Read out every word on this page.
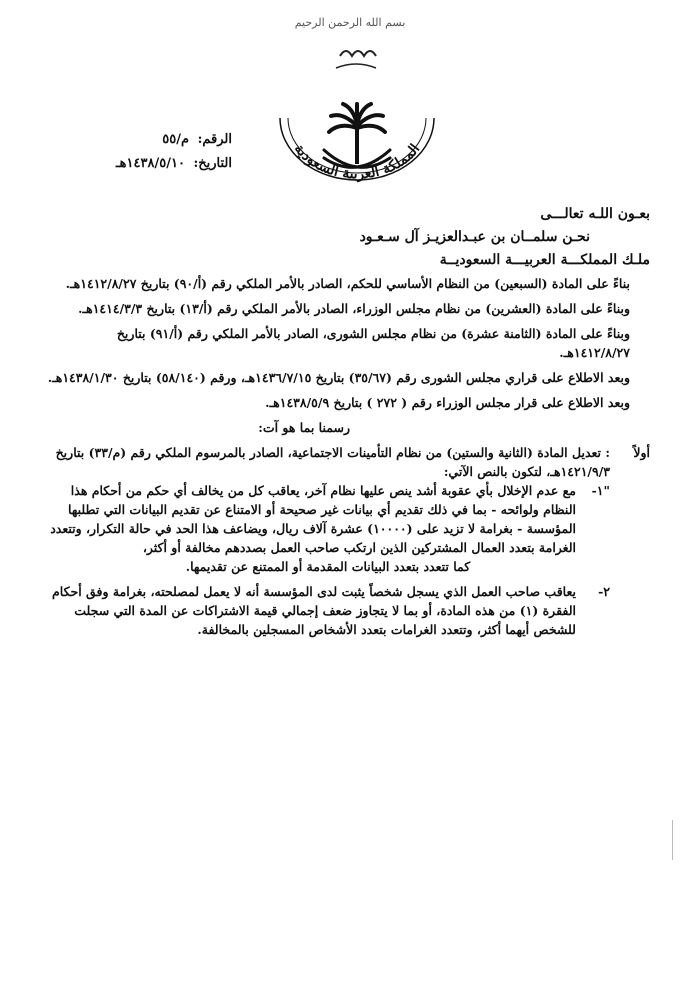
بسم الله الرحمن الرحيم
المملكة العربية السعودية
الرقم: م/٥٥
التاريخ: ١٤٣٨/٥/١٠هـ
بعـون اللـه تعالـــى
نحـن سلمــان بن عبـدالعزيـز آل سـعـود
ملـك المملكـــة العربيـــة السعوديــة

بناءً على المادة (السبعين) من النظام الأساسي للحكم، الصادر بالأمر الملكي رقم (أ/٩٠) بتاريخ ١٤١٢/٨/٢٧هـ.

وبناءً على المادة (العشرين) من نظام مجلس الوزراء، الصادر بالأمر الملكي رقم (أ/١٣) بتاريخ ١٤١٤/٣/٣هـ.

وبناءً على المادة (الثامنة عشرة) من نظام مجلس الشورى، الصادر بالأمر الملكي رقم (أ/٩١) بتاريخ ١٤١٢/٨/٢٧هـ.

وبعد الاطلاع على قراري مجلس الشورى رقم (٣٥/٦٧) بتاريخ ١٤٣٦/٧/١٥هـ، ورقم (٥٨/١٤٠) بتاريخ ١٤٣٨/١/٣٠هـ.

وبعد الاطلاع على قرار مجلس الوزراء رقم ( ٢٧٢ ) بتاريخ ١٤٣٨/٥/٩هـ.

رسمنا بما هو آت:

أولاً
: تعديل المادة (الثانية والستين) من نظام التأمينات الاجتماعية، الصادر بالمرسوم الملكي رقم (م/٣٣) بتاريخ ١٤٢١/٩/٣هـ، لتكون بالنص الآتي:
"١-
مع عدم الإخلال بأي عقوبة أشد ينص عليها نظام آخر، يعاقب كل من يخالف أي حكم من أحكام هذا النظام ولوائحه - بما في ذلك تقديم أي بيانات غير صحيحة أو الامتناع عن تقديم البيانات التي تطلبها المؤسسة - بغرامة لا تزيد على (١٠٠٠٠) عشرة آلاف ريال، ويضاعف هذا الحد في حالة التكرار، وتتعدد الغرامة بتعدد العمال المشتركين الذين ارتكب صاحب العمل بصددهم مخالفة أو أكثر،

كما تتعدد بتعدد البيانات المقدمة أو الممتنع عن تقديمها.

٢-
يعاقب صاحب العمل الذي يسجل شخصاً يثبت لدى المؤسسة أنه لا يعمل لمصلحته، بغرامة وفق أحكام الفقرة (١) من هذه المادة، أو بما لا يتجاوز ضعف إجمالي قيمة الاشتراكات عن المدة التي سجلت للشخص أيهما أكثر، وتتعدد الغرامات بتعدد الأشخاص المسجلين بالمخالفة.
